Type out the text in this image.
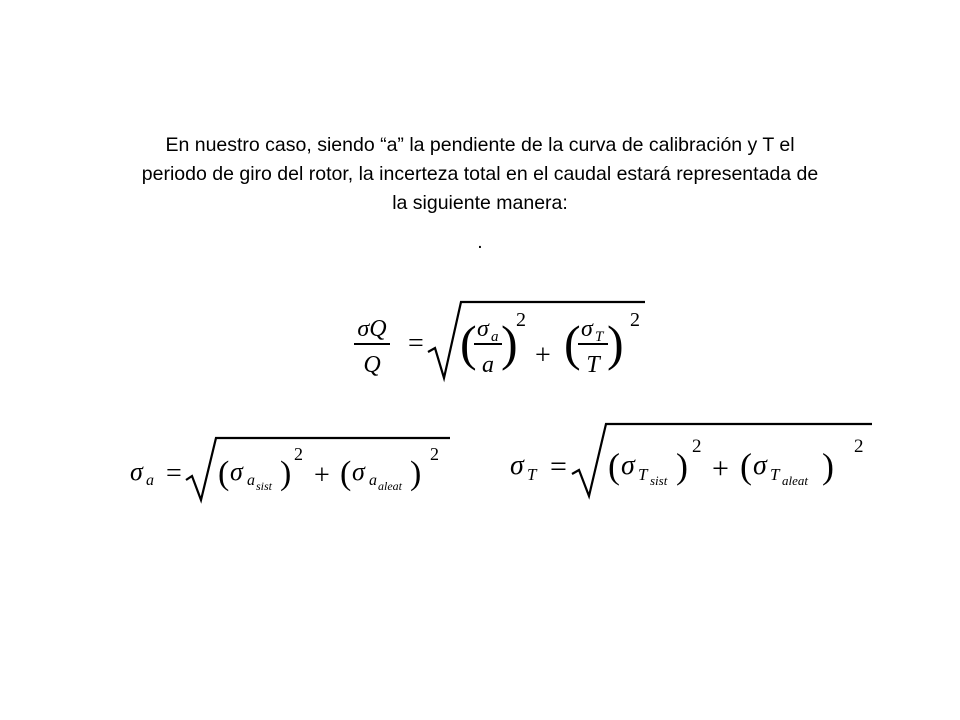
En nuestro caso, siendo “a” la pendiente de la curva de calibración y T el
periodo de giro del rotor, la incerteza total en el caudal estará representada de
la siguiente manera:

.
σQ
Q
= ( σ a
a )
2
+ ( σ T
T ) 2
σ a = ( σ a sist )
2
+ ( σ a aleat )
2	σ T = ( σ T sist ) 2
+ ( σ T aleat ) 2
